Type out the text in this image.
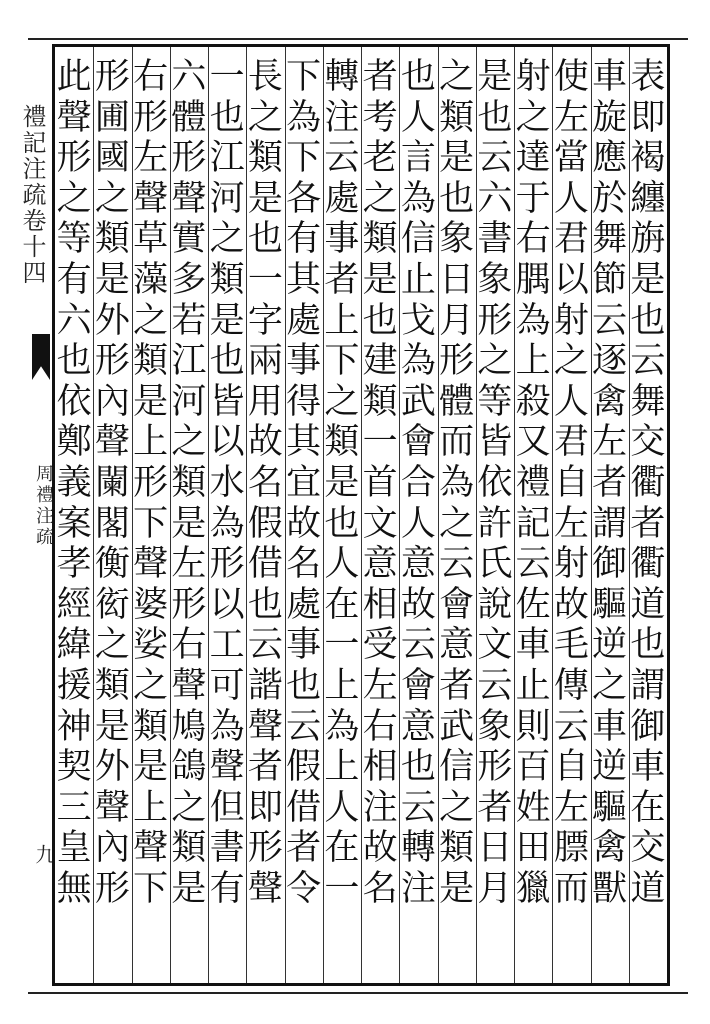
禮記注疏卷十四
周禮注疏
九
表
即
褐
纏
旃
是
也
云
舞
交
衢
者
衢
道
也
謂
御
車
在
交
道
車
旋
應
於
舞
節
云
逐
禽
左
者
謂
御
驅
逆
之
車
逆
驅
禽
獸
使
左
當
人
君
以
射
之
人
君
自
左
射
故
毛
傳
云
自
左
膘
而
射
之
達
于
右
腢
為
上
殺
又
禮
記
云
佐
車
止
則
百
姓
田
獵
是
也
云
六
書
象
形
之
等
皆
依
許
氏
說
文
云
象
形
者
日
月
之
類
是
也
象
日
月
形
體
而
為
之
云
會
意
者
武
信
之
類
是
也
人
言
為
信
止
戈
為
武
會
合
人
意
故
云
會
意
也
云
轉
注
者
考
老
之
類
是
也
建
類
一
首
文
意
相
受
左
右
相
注
故
名
轉
注
云
處
事
者
上
下
之
類
是
也
人
在
一
上
為
上
人
在
一
下
為
下
各
有
其
處
事
得
其
宜
故
名
處
事
也
云
假
借
者
令
長
之
類
是
也
一
字
兩
用
故
名
假
借
也
云
諧
聲
者
即
形
聲
一
也
江
河
之
類
是
也
皆
以
水
為
形
以
工
可
為
聲
但
書
有
六
體
形
聲
實
多
若
江
河
之
類
是
左
形
右
聲
鳩
鴿
之
類
是
右
形
左
聲
草
藻
之
類
是
上
形
下
聲
婆
娑
之
類
是
上
聲
下
形
圃
國
之
類
是
外
形
內
聲
闌
閣
衡
衒
之
類
是
外
聲
內
形
此
聲
形
之
等
有
六
也
依
鄭
義
案
孝
經
緯
援
神
契
三
皇
無
